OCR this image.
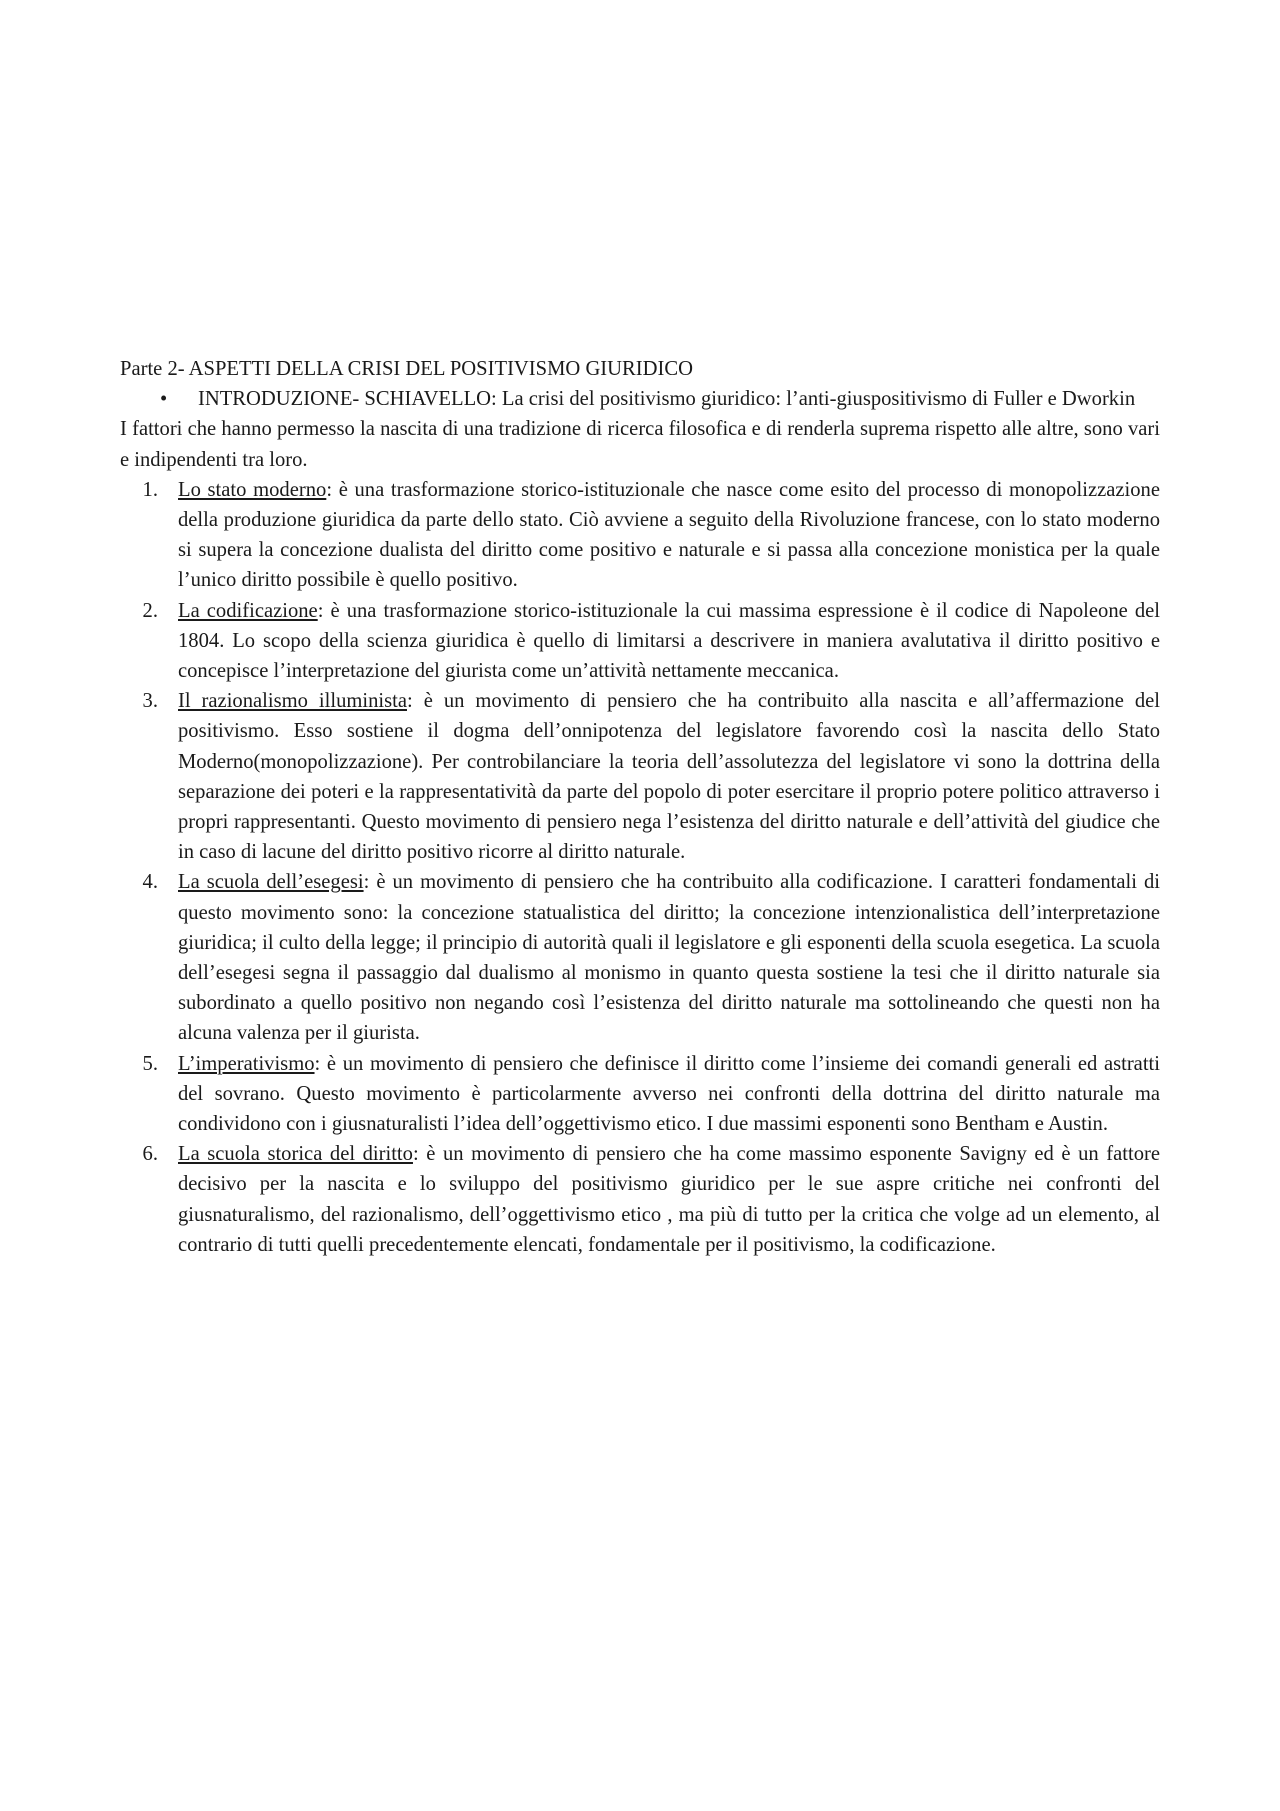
Parte 2- ASPETTI DELLA CRISI DEL POSITIVISMO GIURIDICO
•	INTRODUZIONE- SCHIAVELLO: La crisi del positivismo giuridico: l’anti-giuspositivismo di Fuller e Dworkin

I fattori che hanno permesso la nascita di una tradizione di ricerca filosofica e di renderla suprema rispetto alle altre, sono vari e indipendenti tra loro.

1. Lo stato moderno: è una trasformazione storico-istituzionale che nasce come esito del processo di monopolizzazione della produzione giuridica da parte dello stato. Ciò avviene a seguito della Rivoluzione francese, con lo stato moderno si supera la concezione dualista del diritto come positivo e naturale e si passa alla concezione monistica per la quale l’unico diritto possibile è quello positivo.
2. La codificazione: è una trasformazione storico-istituzionale la cui massima espressione è il codice di Napoleone del 1804. Lo scopo della scienza giuridica è quello di limitarsi a descrivere in maniera avalutativa il diritto positivo e concepisce l’interpretazione del giurista come un’attività nettamente meccanica.
3. Il razionalismo illuminista: è un movimento di pensiero che ha contribuito alla nascita e all’affermazione del positivismo. Esso sostiene il dogma dell’onnipotenza del legislatore favorendo così la nascita dello Stato Moderno(monopolizzazione). Per controbilanciare la teoria dell’assolutezza del legislatore vi sono la dottrina della separazione dei poteri e la rappresentatività da parte del popolo di poter esercitare il proprio potere politico attraverso i propri rappresentanti. Questo movimento di pensiero nega l’esistenza del diritto naturale e dell’attività del giudice che in caso di lacune del diritto positivo ricorre al diritto naturale.
4. La scuola dell’esegesi: è un movimento di pensiero che ha contribuito alla codificazione. I caratteri fondamentali di questo movimento sono: la concezione statualistica del diritto; la concezione intenzionalistica dell’interpretazione giuridica; il culto della legge; il principio di autorità quali il legislatore e gli esponenti della scuola esegetica. La scuola dell’esegesi segna il passaggio dal dualismo al monismo in quanto questa sostiene la tesi che il diritto naturale sia subordinato a quello positivo non negando così l’esistenza del diritto naturale ma sottolineando che questi non ha alcuna valenza per il giurista.
5. L’imperativismo: è un movimento di pensiero che definisce il diritto come l’insieme dei comandi generali ed astratti del sovrano. Questo movimento è particolarmente avverso nei confronti della dottrina del diritto naturale ma condividono con i giusnaturalisti l’idea dell’oggettivismo etico. I due massimi esponenti sono Bentham e Austin.
6. La scuola storica del diritto: è un movimento di pensiero che ha come massimo esponente Savigny ed è un fattore decisivo per la nascita e lo sviluppo del positivismo giuridico per le sue aspre critiche nei confronti del giusnaturalismo, del razionalismo, dell’oggettivismo etico , ma più di tutto per la critica che volge ad un elemento, al contrario di tutti quelli precedentemente elencati, fondamentale per il positivismo, la codificazione.
